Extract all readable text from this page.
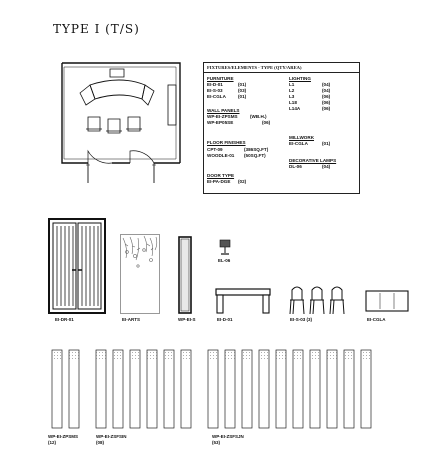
TYPE I (T/S)
FIXTURES/ELEMENTS - TYPE (QTY/AREA)
FURNITURE
EI-D-01	(01)
EI-S-03	(03)
EI-CGLA	(01)
WALL PANELS
WP-EI-ZPSMS	(WB.H.)
WP-EP05SE	(06)
FLOOR FINISHES
CPT-09	(386SQ.FT)
WOODLE-01 (50SQ.FT)
DOOR TYPE
EI-PA-DGE (02)
LIGHTING
L1	(04)
L2	(04)
L3	(06)
L18	(06)
L14A	(06)
MILLWORK
EI-CGLA	(01)
DECORATIVE LAMPS
DL-06	(04)
EI-DR-01	EI-ARTS	WP-EI-S
EL-06
EI-D-01	EI-S-03 (3)	EI-CGLA
WP-EI-ZPSMS
(12)
WP-EI-ZSFSIN
(08)
WP-EI-ZSFSJN
(53)
